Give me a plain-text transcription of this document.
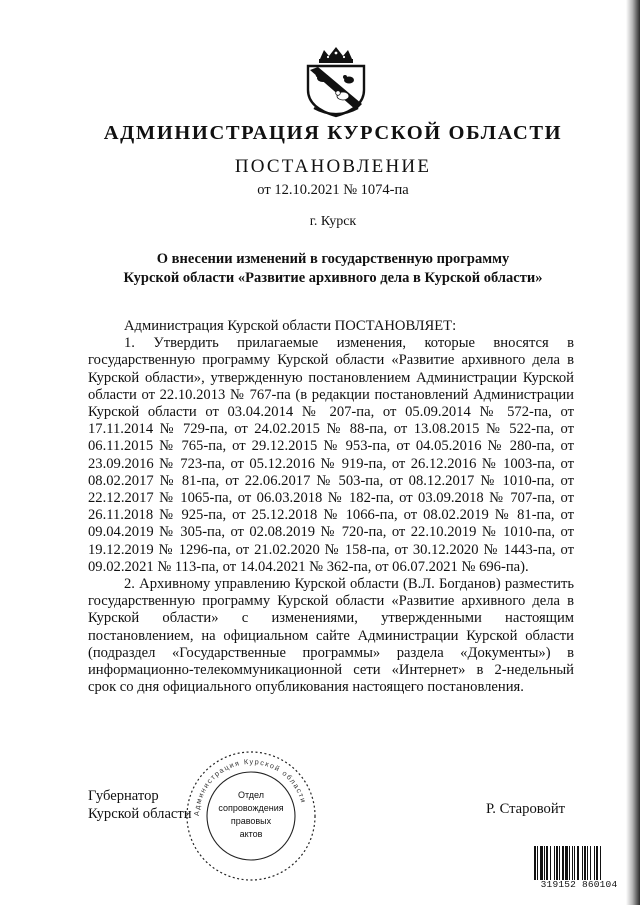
АДМИНИСТРАЦИЯ КУРСКОЙ ОБЛАСТИ
ПОСТАНОВЛЕНИЕ
от 12.10.2021 № 1074-па
г. Курск
О внесении изменений в государственную программу
Курской области «Развитие архивного дела в Курской области»

Администрация Курской области ПОСТАНОВЛЯЕТ:

1. Утвердить прилагаемые изменения, которые вносятся в государственную программу Курской области «Развитие архивного дела в Курской области», утвержденную постановлением Администрации Курской области от 22.10.2013 № 767-па (в редакции постановлений Администрации Курской области от 03.04.2014 № 207-па, от 05.09.2014 № 572-па, от 17.11.2014 № 729-па, от 24.02.2015 № 88-па, от 13.08.2015 № 522-па, от 06.11.2015 № 765-па, от 29.12.2015 № 953-па, от 04.05.2016 № 280-па, от 23.09.2016 № 723-па, от 05.12.2016 № 919-па, от 26.12.2016 № 1003-па, от 08.02.2017 № 81-па, от 22.06.2017 № 503-па, от 08.12.2017 № 1010-па, от 22.12.2017 № 1065-па, от 06.03.2018 № 182-па, от 03.09.2018 № 707-па, от 26.11.2018 № 925-па, от 25.12.2018 № 1066-па, от 08.02.2019 № 81-па, от 09.04.2019 № 305-па, от 02.08.2019 № 720-па, от 22.10.2019 № 1010-па, от 19.12.2019 № 1296-па, от 21.02.2020 № 158-па, от 30.12.2020 № 1443-па, от 09.02.2021 № 113-па, от 14.04.2021 № 362-па, от 06.07.2021 № 696-па).

2. Архивному управлению Курской области (В.Л. Богданов) разместить государственную программу Курской области «Развитие архивного дела в Курской области» с изменениями, утвержденными настоящим постановлением, на официальном сайте Администрации Курской области (подраздел «Государственные программы» раздела «Документы») в информационно-телекоммуникационной сети «Интернет» в 2-недельный срок со дня официального опубликования настоящего постановления.

Губернатор
Курской области	Р. Старовойт
Администрация Курской области
Отдел
сопровождения
правовых
актов
319152 860104
